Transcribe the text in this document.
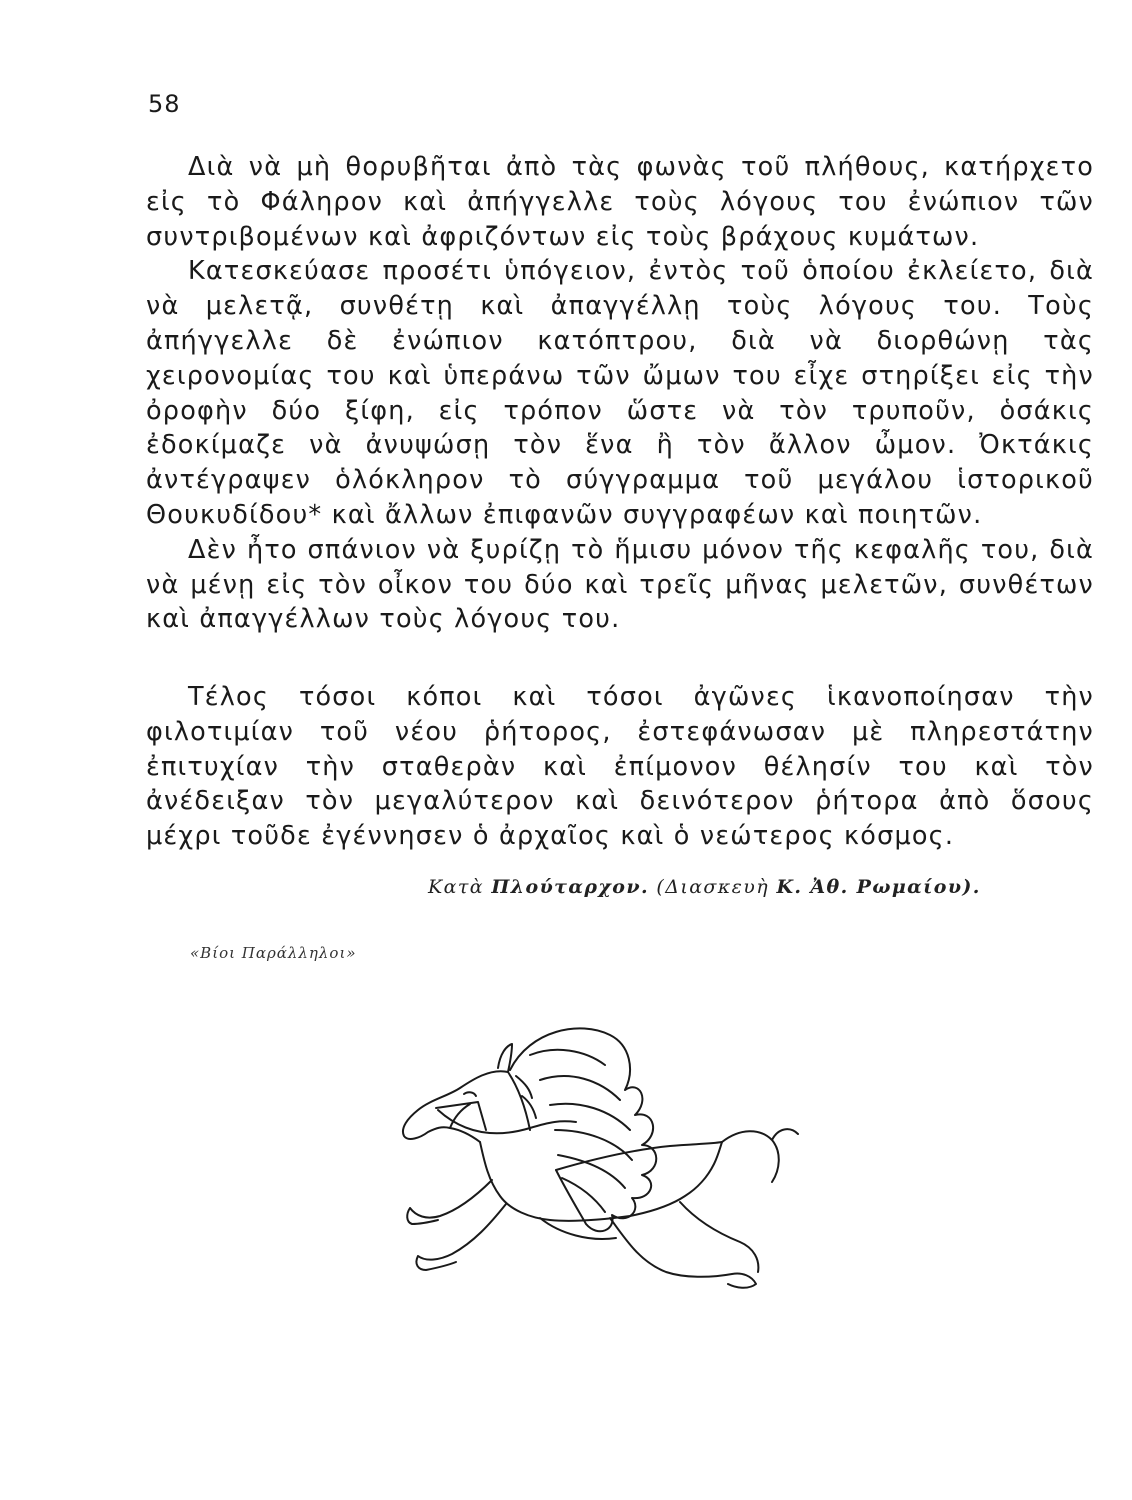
58

Διὰ νὰ μὴ θορυβῆται ἀπὸ τὰς φωνὰς τοῦ πλήθους, κατήρχετο εἰς τὸ Φάληρον καὶ ἀπήγγελλε τοὺς λόγους του ἐνώπιον τῶν συντριβομένων καὶ ἀφριζόντων εἰς τοὺς βράχους κυμάτων.

Κατεσκεύασε προσέτι ὑπόγειον, ἐντὸς τοῦ ὁποίου ἐκλείετο, διὰ νὰ μελετᾷ, συνθέτῃ καὶ ἀπαγγέλλῃ τοὺς λόγους του. Τοὺς ἀπήγγελλε δὲ ἐνώπιον κατόπτρου, διὰ νὰ διορθώνῃ τὰς χειρονομίας του καὶ ὑπεράνω τῶν ὤμων του εἶχε στηρίξει εἰς τὴν ὀροφὴν δύο ξίφη, εἰς τρόπον ὥστε νὰ τὸν τρυποῦν, ὁσάκις ἐδοκίμαζε νὰ ἀνυψώσῃ τὸν ἕνα ἢ τὸν ἄλλον ὦμον. Ὀκτάκις ἀντέγραψεν ὁλόκληρον τὸ σύγγραμμα τοῦ μεγάλου ἱστορικοῦ Θουκυδίδου* καὶ ἄλλων ἐπιφανῶν συγγραφέων καὶ ποιητῶν.

Δὲν ἦτο σπάνιον νὰ ξυρίζῃ τὸ ἥμισυ μόνον τῆς κεφαλῆς του, διὰ νὰ μένῃ εἰς τὸν οἶκον του δύο καὶ τρεῖς μῆνας μελετῶν, συνθέτων καὶ ἀπαγγέλλων τοὺς λόγους του.

Τέλος τόσοι κόποι καὶ τόσοι ἀγῶνες ἱκανοποίησαν τὴν φιλοτιμίαν τοῦ νέου ῥήτορος, ἐστεφάνωσαν μὲ πληρεστάτην ἐπιτυχίαν τὴν σταθερὰν καὶ ἐπίμονον θέλησίν του καὶ τὸν ἀνέδειξαν τὸν μεγαλύτερον καὶ δεινότερον ῥήτορα ἀπὸ ὅσους μέχρι τοῦδε ἐγέννησεν ὁ ἀρχαῖος καὶ ὁ νεώτερος κόσμος.

Κατὰ Πλούταρχον. (Διασκευὴ Κ. Ἀθ. Ρωμαίου).
«Βίοι Παράλληλοι»
